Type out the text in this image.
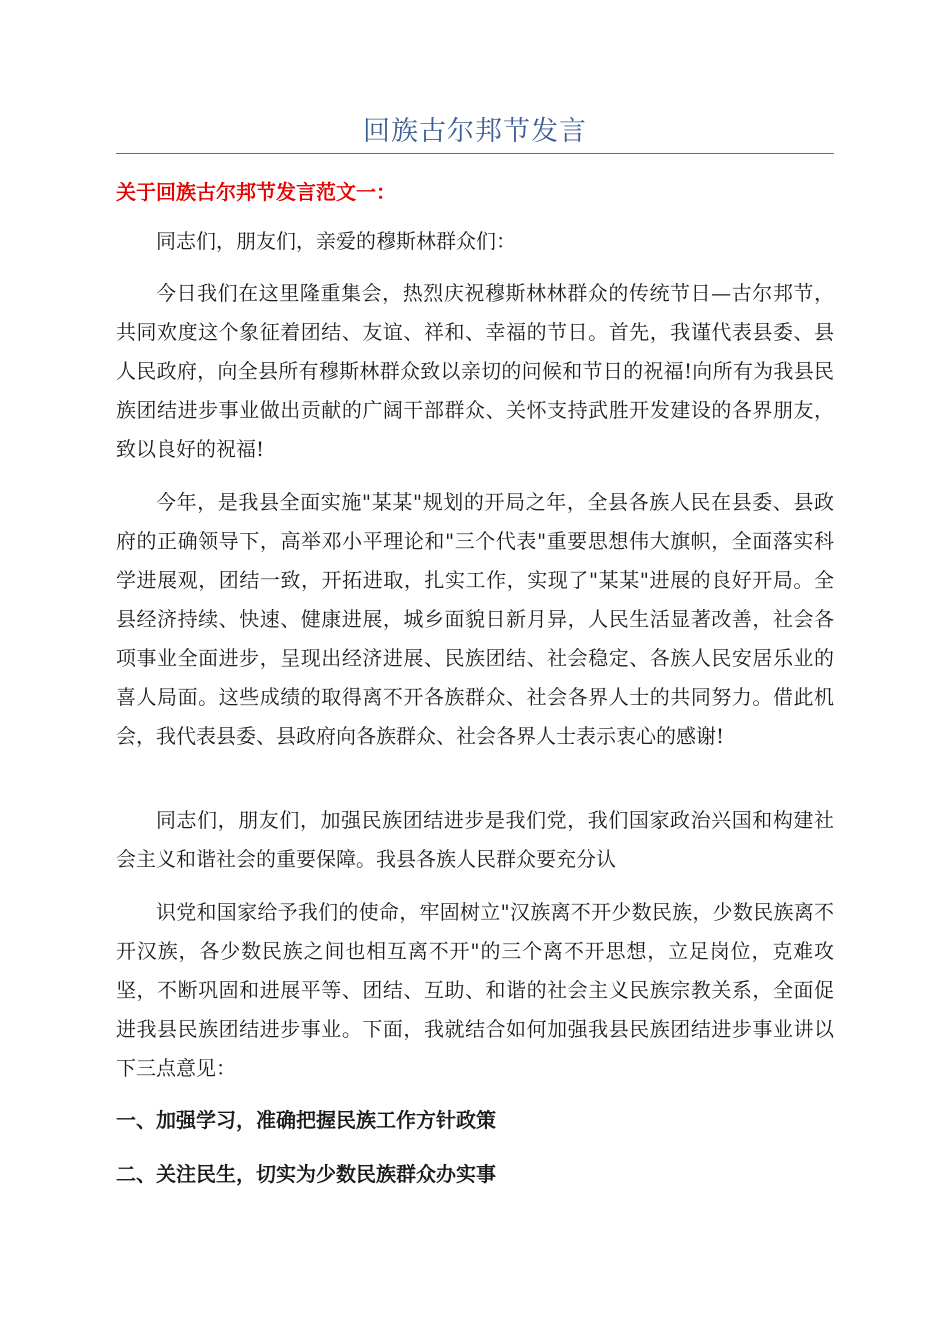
回族古尔邦节发言
关于回族古尔邦节发言范文一：

同志们，朋友们，亲爱的穆斯林群众们：

今日我们在这里隆重集会，热烈庆祝穆斯林林群众的传统节日—古尔邦节，共同欢度这个象征着团结、友谊、祥和、幸福的节日。首先，我谨代表县委、县人民政府，向全县所有穆斯林群众致以亲切的问候和节日的祝福!向所有为我县民族团结进步事业做出贡献的广阔干部群众、关怀支持武胜开发建设的各界朋友，致以良好的祝福!

今年，是我县全面实施"某某"规划的开局之年，全县各族人民在县委、县政府的正确领导下，高举邓小平理论和"三个代表"重要思想伟大旗帜，全面落实科学进展观，团结一致，开拓进取，扎实工作，实现了"某某"进展的良好开局。全县经济持续、快速、健康进展，城乡面貌日新月异，人民生活显著改善，社会各项事业全面进步，呈现出经济进展、民族团结、社会稳定、各族人民安居乐业的喜人局面。这些成绩的取得离不开各族群众、社会各界人士的共同努力。借此机会，我代表县委、县政府向各族群众、社会各界人士表示衷心的感谢!

同志们，朋友们，加强民族团结进步是我们党，我们国家政治兴国和构建社会主义和谐社会的重要保障。我县各族人民群众要充分认

识党和国家给予我们的使命，牢固树立"汉族离不开少数民族，少数民族离不开汉族，各少数民族之间也相互离不开"的三个离不开思想，立足岗位，克难攻坚，不断巩固和进展平等、团结、互助、和谐的社会主义民族宗教关系，全面促进我县民族团结进步事业。下面，我就结合如何加强我县民族团结进步事业讲以下三点意见：

一、加强学习，准确把握民族工作方针政策

二、关注民生，切实为少数民族群众办实事
